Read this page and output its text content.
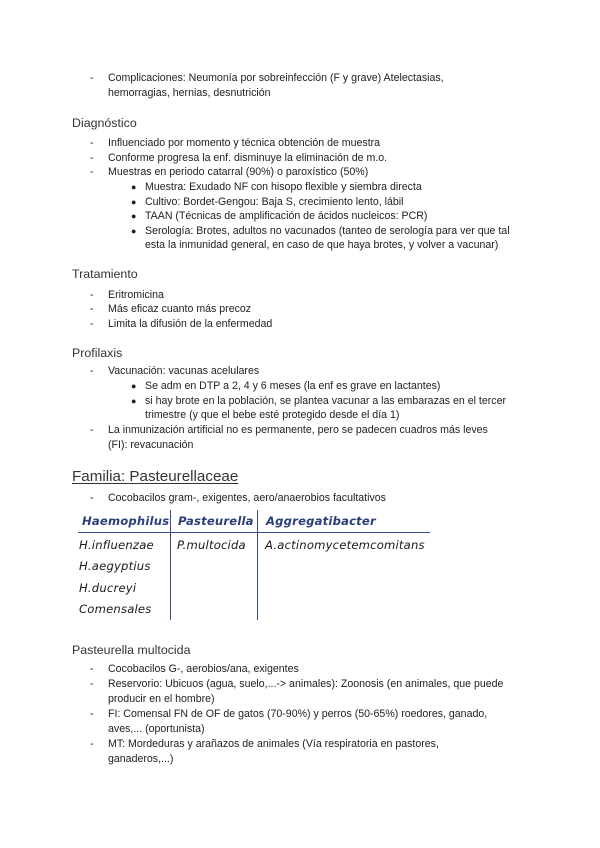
- Complicaciones: Neumonía por sobreinfección (F y grave) Atelectasias,
hemorragias, hernias, desnutrición
Diagnóstico
- Influenciado por momento y técnica obtención de muestra
- Conforme progresa la enf. disminuye la eliminación de m.o.
- Muestras en periodo catarral (90%) o paroxístico (50%)
● Muestra: Exudado NF con hisopo flexible y siembra directa
● Cultivo: Bordet-Gengou: Baja S, crecimiento lento, lábil
● TAAN (Técnicas de amplificación de ácidos nucleicos: PCR)
● Serología: Brotes, adultos no vacunados (tanteo de serología para ver que tal
esta la inmunidad general, en caso de que haya brotes, y volver a vacunar)
Tratamiento
- Eritromicina
- Más eficaz cuanto más precoz
- Limita la difusión de la enfermedad
Profilaxis
- Vacunación: vacunas acelulares
● Se adm en DTP a 2, 4 y 6 meses (la enf es grave en lactantes)
● si hay brote en la población, se plantea vacunar a las embarazas en el tercer
trimestre (y que el bebe esté protegido desde el día 1)
- La inmunización artificial no es permanente, pero se padecen cuadros más leves
(FI): revacunación
Familia: Pasteurellaceae
- Cocobacilos gram-, exigentes, aero/anaerobios facultativos
Haemophilus Pasteurella Aggregatibacter
H.influenzae
H.aegyptius
H.ducreyi
Comensales
P.multocida A.actinomycetemcomitans
Pasteurella multocida
- Cocobacilos G-, aerobios/ana, exigentes
- Reservorio: Ubicuos (agua, suelo,...-> animales): Zoonosis (en animales, que puede
producir en el hombre)
- FI: Comensal FN de OF de gatos (70-90%) y perros (50-65%) roedores, ganado,
aves,... (oportunista)
- MT: Mordeduras y arañazos de animales (Vía respiratoria en pastores,
ganaderos,...)
